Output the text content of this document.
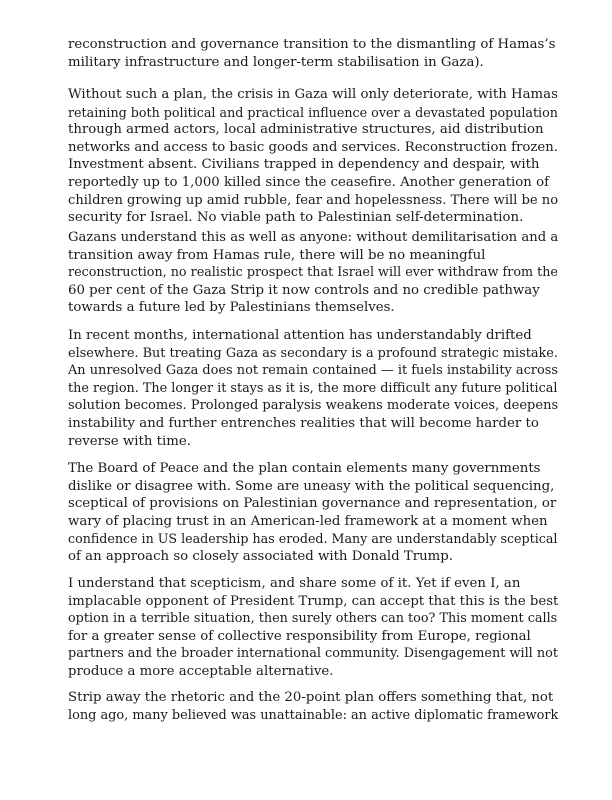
reconstruction and governance transition to the dismantling of Hamas’s
military infrastructure and longer-term stabilisation in Gaza).

Without such a plan, the crisis in Gaza will only deteriorate, with Hamas
retaining both political and practical influence over a devastated population
through armed actors, local administrative structures, aid distribution
networks and access to basic goods and services. Reconstruction frozen.
Investment absent. Civilians trapped in dependency and despair, with
reportedly up to 1,000 killed since the ceasefire. Another generation of
children growing up amid rubble, fear and hopelessness. There will be no
security for Israel. No viable path to Palestinian self-determination.

Gazans understand this as well as anyone: without demilitarisation and a
transition away from Hamas rule, there will be no meaningful
reconstruction, no realistic prospect that Israel will ever withdraw from the
60 per cent of the Gaza Strip it now controls and no credible pathway
towards a future led by Palestinians themselves.

In recent months, international attention has understandably drifted
elsewhere. But treating Gaza as secondary is a profound strategic mistake.
An unresolved Gaza does not remain contained — it fuels instability across
the region. The longer it stays as it is, the more difficult any future political
solution becomes. Prolonged paralysis weakens moderate voices, deepens
instability and further entrenches realities that will become harder to
reverse with time.

The Board of Peace and the plan contain elements many governments
dislike or disagree with. Some are uneasy with the political sequencing,
sceptical of provisions on Palestinian governance and representation, or
wary of placing trust in an American-led framework at a moment when
confidence in US leadership has eroded. Many are understandably sceptical
of an approach so closely associated with Donald Trump.

I understand that scepticism, and share some of it. Yet if even I, an
implacable opponent of President Trump, can accept that this is the best
option in a terrible situation, then surely others can too? This moment calls
for a greater sense of collective responsibility from Europe, regional
partners and the broader international community. Disengagement will not
produce a more acceptable alternative.

Strip away the rhetoric and the 20-point plan offers something that, not
long ago, many believed was unattainable: an active diplomatic framework
